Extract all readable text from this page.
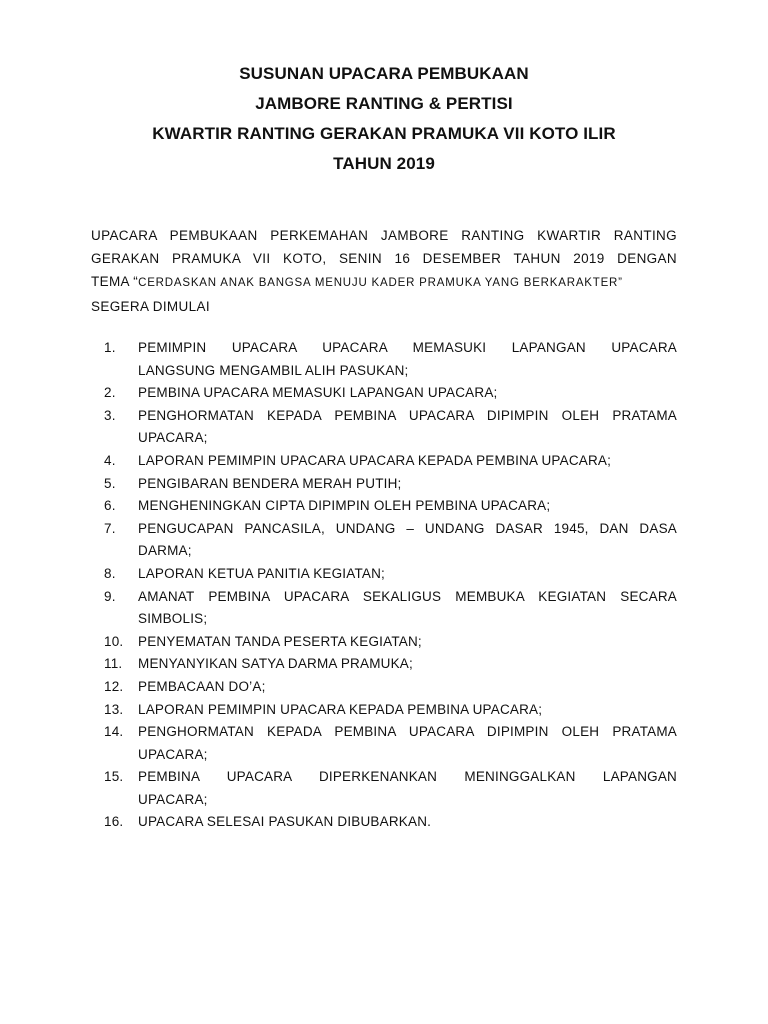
SUSUNAN UPACARA PEMBUKAAN
JAMBORE RANTING & PERTISI
KWARTIR RANTING GERAKAN PRAMUKA VII KOTO ILIR
TAHUN 2019
UPACARA PEMBUKAAN PERKEMAHAN JAMBORE RANTING KWARTIR RANTING
GERAKAN PRAMUKA VII KOTO, SENIN 16 DESEMBER TAHUN 2019 DENGAN
TEMA “CERDASKAN ANAK BANGSA MENUJU KADER PRAMUKA YANG BERKARAKTER”
SEGERA DIMULAI
1.	PEMIMPIN UPACARA UPACARA MEMASUKI LAPANGAN UPACARA
LANGSUNG MENGAMBIL ALIH PASUKAN;
2.	PEMBINA UPACARA MEMASUKI LAPANGAN UPACARA;
3.	PENGHORMATAN KEPADA PEMBINA UPACARA DIPIMPIN OLEH PRATAMA
UPACARA;
4.	LAPORAN PEMIMPIN UPACARA UPACARA KEPADA PEMBINA UPACARA;
5.	PENGIBARAN BENDERA MERAH PUTIH;
6.	MENGHENINGKAN CIPTA DIPIMPIN OLEH PEMBINA UPACARA;
7.	PENGUCAPAN PANCASILA, UNDANG – UNDANG DASAR 1945, DAN DASA
DARMA;
8.	LAPORAN KETUA PANITIA KEGIATAN;
9.	AMANAT PEMBINA UPACARA SEKALIGUS MEMBUKA KEGIATAN SECARA
SIMBOLIS;
10.	PENYEMATAN TANDA PESERTA KEGIATAN;
11.	MENYANYIKAN SATYA DARMA PRAMUKA;
12.	PEMBACAAN DO’A;
13.	LAPORAN PEMIMPIN UPACARA KEPADA PEMBINA UPACARA;
14.	PENGHORMATAN KEPADA PEMBINA UPACARA DIPIMPIN OLEH PRATAMA
UPACARA;
15.	PEMBINA UPACARA DIPERKENANKAN MENINGGALKAN LAPANGAN
UPACARA;
16.	UPACARA SELESAI PASUKAN DIBUBARKAN.
